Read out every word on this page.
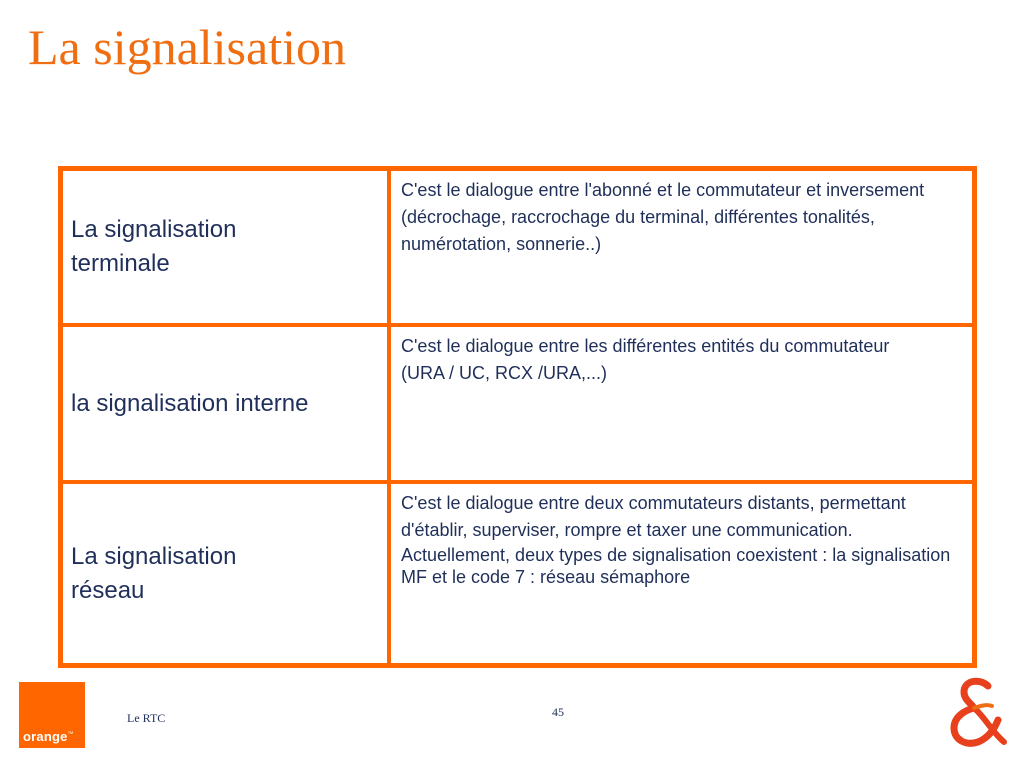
La signalisation
La signalisation
terminale
C'est le dialogue entre l'abonné et le commutateur et inversement (décrochage, raccrochage du terminal, différentes tonalités, numérotation, sonnerie..)
la signalisation interne
C'est le dialogue entre les différentes entités du commutateur
(URA / UC, RCX /URA,...)
La signalisation
réseau
C'est le dialogue entre deux commutateurs distants, permettant d'établir, superviser, rompre et taxer une communication.
Actuellement, deux types de signalisation coexistent : la signalisation MF et le code 7 : réseau sémaphore
orange™
Le RTC	45
